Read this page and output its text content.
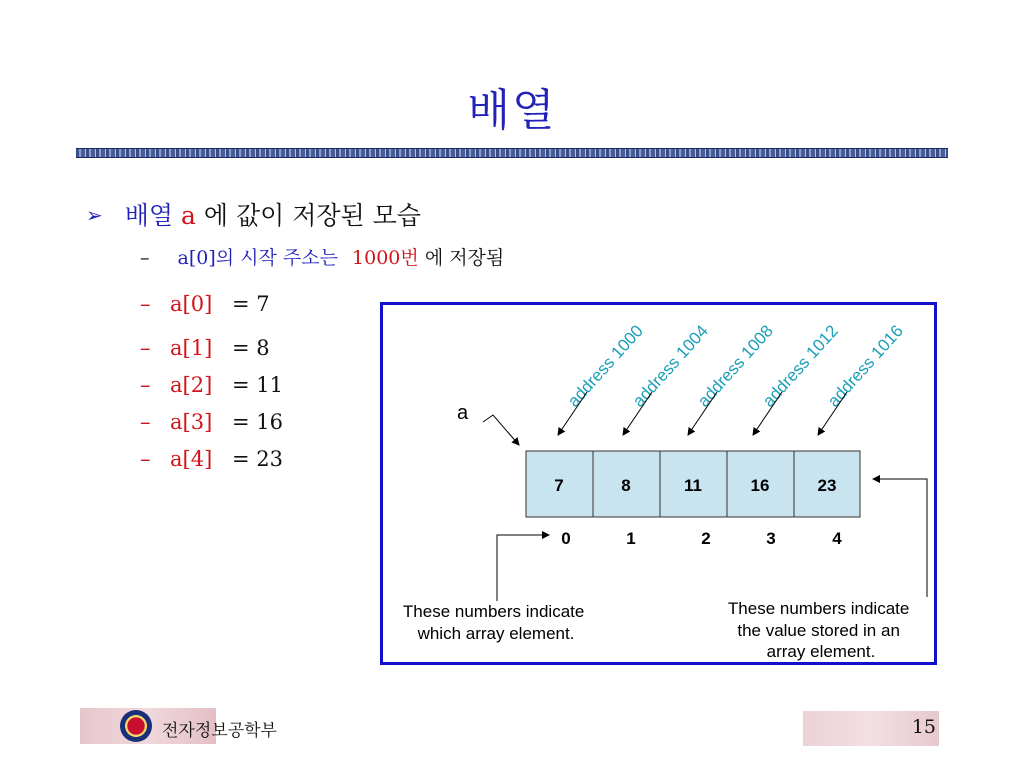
배열
➢ 배열 a 에 값이 저장된 모습
– a[0]의 시작 주소는 1000번 에 저장됨
– a[0] = 7
– a[1] = 8
– a[2] = 11
– a[3] = 16
– a[4] = 23
a
7	8	11	16	23
address 1000
address 1004
address 1008
address 1012
address 1016
0	1	2	3	4
These numbers indicate which array element.
These numbers indicate the value stored in an array element.
전자정보공학부	15
